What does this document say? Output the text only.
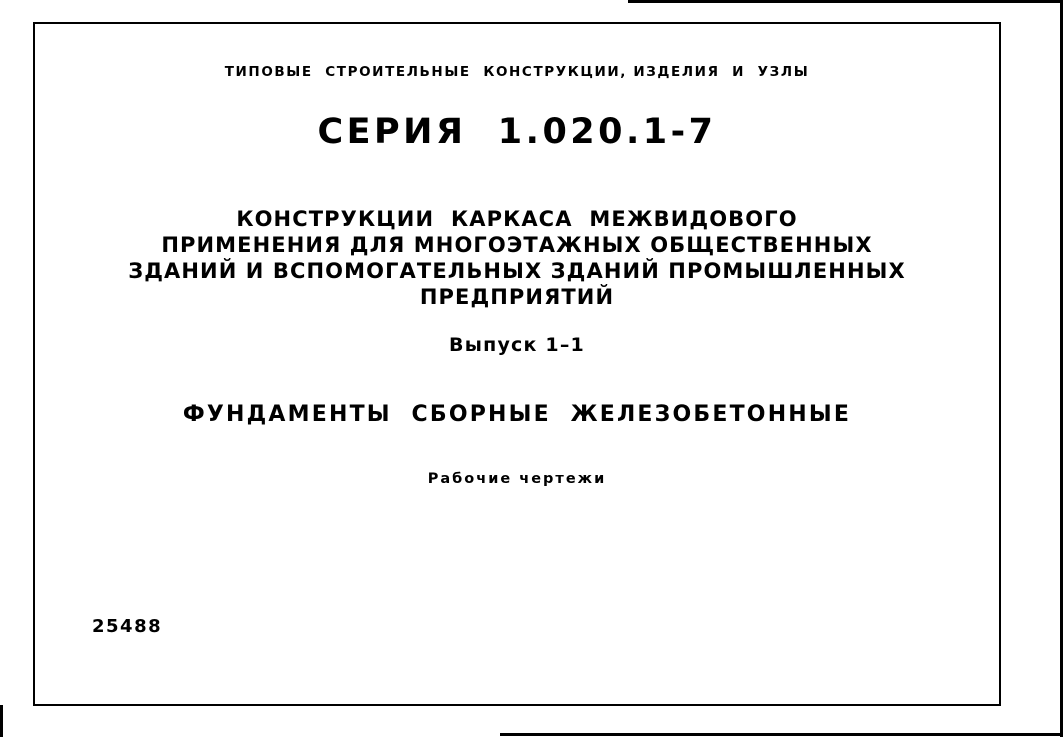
ТИПОВЫЕ  СТРОИТЕЛЬНЫЕ  КОНСТРУКЦИИ, ИЗДЕЛИЯ  И  УЗЛЫ
СЕРИЯ  1.020.1-7
КОНСТРУКЦИИ  КАРКАСА  МЕЖВИДОВОГО
ПРИМЕНЕНИЯ ДЛЯ МНОГОЭТАЖНЫХ ОБЩЕСТВЕННЫХ
ЗДАНИЙ И ВСПОМОГАТЕЛЬНЫХ ЗДАНИЙ ПРОМЫШЛЕННЫХ
ПРЕДПРИЯТИЙ
Выпуск 1–1
ФУНДАМЕНТЫ  СБОРНЫЕ  ЖЕЛЕЗОБЕТОННЫЕ
Рабочие чертежи
25488
